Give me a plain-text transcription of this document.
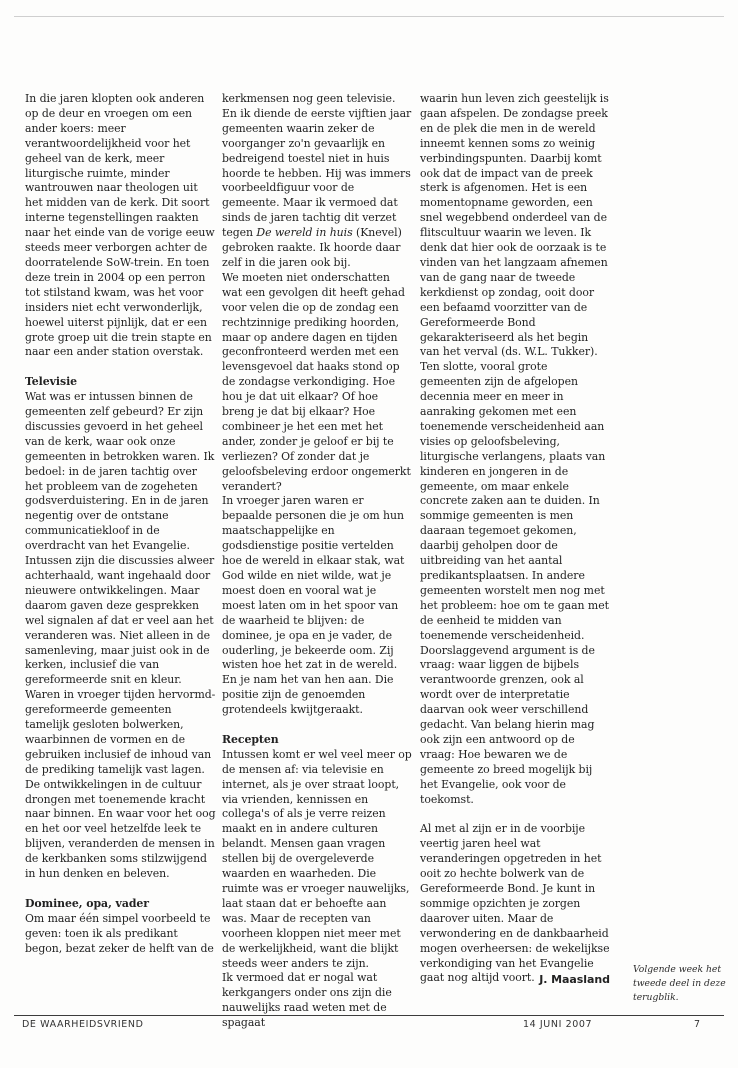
In die jaren klopten ook anderen op de deur en vroegen om een ander koers: meer verantwoordelijkheid voor het geheel van de kerk, meer liturgische ruimte, minder wantrouwen naar theologen uit het midden van de kerk. Dit soort interne tegenstellingen raakten naar het einde van de vorige eeuw steeds meer verborgen achter de doorratelende SoW-trein. En toen deze trein in 2004 op een perron tot stilstand kwam, was het voor insiders niet echt verwonderlijk, hoewel uiterst pijnlijk, dat er een grote groep uit die trein stapte en naar een ander station overstak.

Televisie

Wat was er intussen binnen de gemeenten zelf gebeurd? Er zijn discussies gevoerd in het geheel van de kerk, waar ook onze gemeenten in betrokken waren. Ik bedoel: in de jaren tachtig over het probleem van de zogeheten godsverduistering. En in de jaren negentig over de ontstane communicatiekloof in de overdracht van het Evangelie.

Intussen zijn die discussies alweer achterhaald, want ingehaald door nieuwere ontwikkelingen. Maar daarom gaven deze gesprekken wel signalen af dat er veel aan het veranderen was. Niet alleen in de samenleving, maar juist ook in de kerken, inclusief die van gereformeerde snit en kleur.

Waren in vroeger tijden hervormd-gereformeerde gemeenten tamelijk gesloten bolwerken, waarbinnen de vormen en de gebruiken inclusief de inhoud van de prediking tamelijk vast lagen. De ontwikkelingen in de cultuur drongen met toenemende kracht naar binnen. En waar voor het oog en het oor veel hetzelfde leek te blijven, veranderden de mensen in de kerkbanken soms stilzwijgend in hun denken en beleven.

Dominee, opa, vader

Om maar één simpel voorbeeld te geven: toen ik als predikant begon, bezat zeker de helft van de

kerkmensen nog geen televisie. En ik diende de eerste vijftien jaar gemeenten waarin zeker de voorganger zo'n gevaarlijk en bedreigend toestel niet in huis hoorde te hebben. Hij was immers voorbeeldfiguur voor de gemeente. Maar ik vermoed dat sinds de jaren tachtig dit verzet tegen De wereld in huis (Knevel) gebroken raakte. Ik hoorde daar zelf in die jaren ook bij.

We moeten niet onderschatten wat een gevolgen dit heeft gehad voor velen die op de zondag een rechtzinnige prediking hoorden, maar op andere dagen en tijden geconfronteerd werden met een levensgevoel dat haaks stond op de zondagse verkondiging. Hoe hou je dat uit elkaar? Of hoe breng je dat bij elkaar? Hoe combineer je het een met het ander, zonder je geloof er bij te verliezen? Of zonder dat je geloofsbeleving erdoor ongemerkt verandert?

In vroeger jaren waren er bepaalde personen die je om hun maatschappelijke en godsdienstige positie vertelden hoe de wereld in elkaar stak, wat God wilde en niet wilde, wat je moest doen en vooral wat je moest laten om in het spoor van de waarheid te blijven: de dominee, je opa en je vader, de ouderling, je bekeerde oom. Zij wisten hoe het zat in de wereld. En je nam het van hen aan. Die positie zijn de genoemden grotendeels kwijtgeraakt.

Recepten

Intussen komt er wel veel meer op de mensen af: via televisie en internet, als je over straat loopt, via vrienden, kennissen en collega's of als je verre reizen maakt en in andere culturen belandt. Mensen gaan vragen stellen bij de overgeleverde waarden en waarheden. Die ruimte was er vroeger nauwelijks, laat staan dat er behoefte aan was. Maar de recepten van voorheen kloppen niet meer met de werkelijkheid, want die blijkt steeds weer anders te zijn.

Ik vermoed dat er nogal wat kerkgangers onder ons zijn die nauwelijks raad weten met de spagaat

waarin hun leven zich geestelijk is gaan afspelen. De zondagse preek en de plek die men in de wereld inneemt kennen soms zo weinig verbindingspunten. Daarbij komt ook dat de impact van de preek sterk is afgenomen. Het is een momentopname geworden, een snel wegebbend onderdeel van de flitscultuur waarin we leven. Ik denk dat hier ook de oorzaak is te vinden van het langzaam afnemen van de gang naar de tweede kerkdienst op zondag, ooit door een befaamd voorzitter van de Gereformeerde Bond gekarakteriseerd als het begin van het verval (ds. W.L. Tukker).

Ten slotte, vooral grote gemeenten zijn de afgelopen decennia meer en meer in aanraking gekomen met een toenemende verscheidenheid aan visies op geloofsbeleving, liturgische verlangens, plaats van kinderen en jongeren in de gemeente, om maar enkele concrete zaken aan te duiden. In sommige gemeenten is men daaraan tegemoet gekomen, daarbij geholpen door de uitbreiding van het aantal predikantsplaatsen. In andere gemeenten worstelt men nog met het probleem: hoe om te gaan met de eenheid te midden van toenemende verscheidenheid. Doorslaggevend argument is de vraag: waar liggen de bijbels verantwoorde grenzen, ook al wordt over de interpretatie daarvan ook weer verschillend gedacht. Van belang hierin mag ook zijn een antwoord op de vraag: Hoe bewaren we de gemeente zo breed mogelijk bij het Evangelie, ook voor de toekomst.

Al met al zijn er in de voorbije veertig jaren heel wat veranderingen opgetreden in het ooit zo hechte bolwerk van de Gereformeerde Bond. Je kunt in sommige opzichten je zorgen daarover uiten. Maar de verwondering en de dankbaarheid mogen overheersen: de wekelijkse verkondiging van het Evangelie gaat nog altijd voort. J. Maasland
Volgende week het tweede deel in deze terugblik.
DE WAARHEIDSVRIEND	14 JUNI 2007	7
